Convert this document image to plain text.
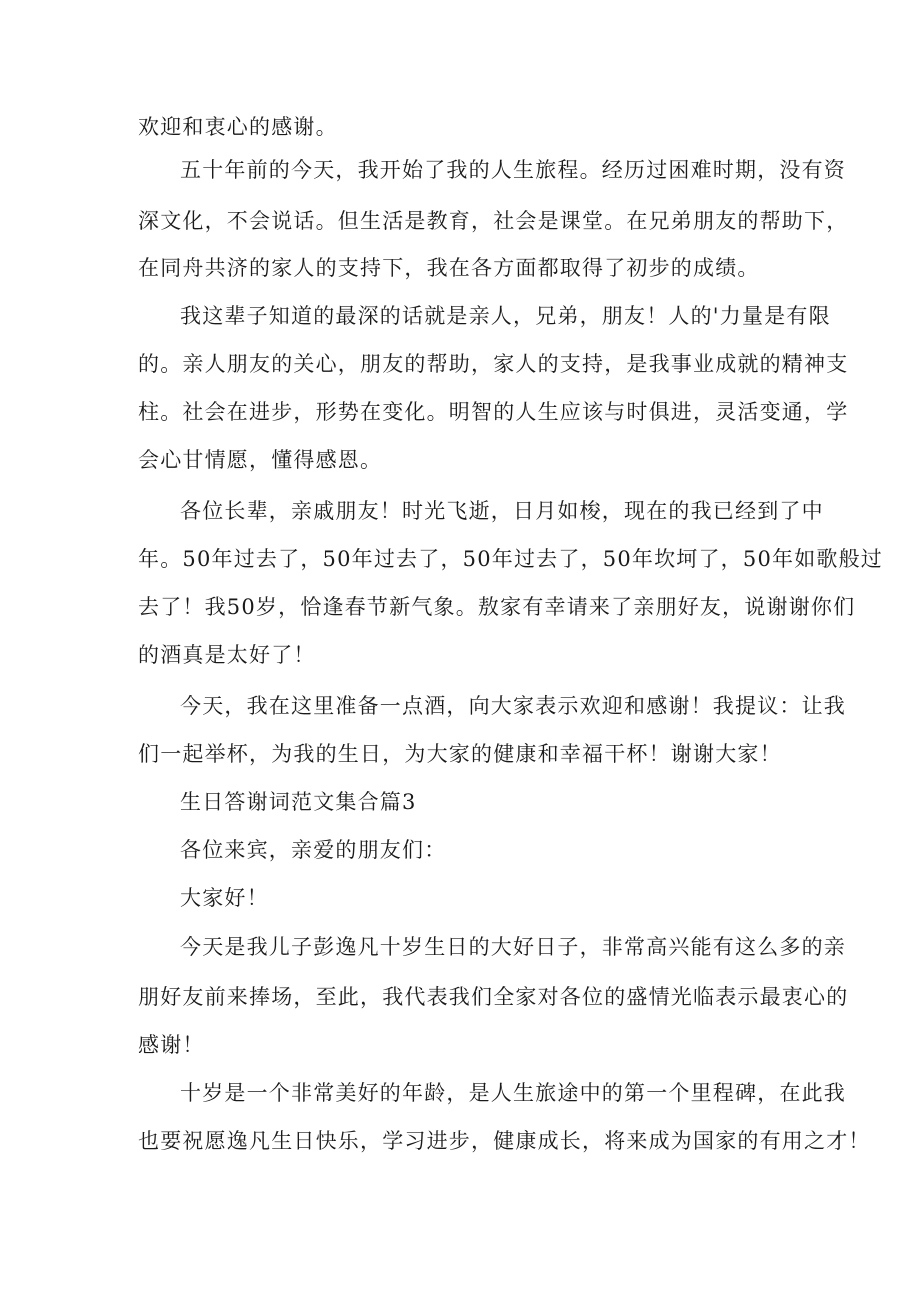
欢迎和衷心的感谢。
五十年前的今天，我开始了我的人生旅程。经历过困难时期，没有资
深文化，不会说话。但生活是教育，社会是课堂。在兄弟朋友的帮助下，
在同舟共济的家人的支持下，我在各方面都取得了初步的成绩。
我这辈子知道的最深的话就是亲人，兄弟，朋友！人的'力量是有限
的。亲人朋友的关心，朋友的帮助，家人的支持，是我事业成就的精神支
柱。社会在进步，形势在变化。明智的人生应该与时俱进，灵活变通，学
会心甘情愿，懂得感恩。
各位长辈，亲戚朋友！时光飞逝，日月如梭，现在的我已经到了中
年。50年过去了，50年过去了，50年过去了，50年坎坷了，50年如歌般过
去了！我50岁，恰逢春节新气象。敖家有幸请来了亲朋好友，说谢谢你们
的酒真是太好了！
今天，我在这里准备一点酒，向大家表示欢迎和感谢！我提议：让我
们一起举杯，为我的生日，为大家的健康和幸福干杯！谢谢大家！
生日答谢词范文集合篇3
各位来宾，亲爱的朋友们：
大家好！
今天是我儿子彭逸凡十岁生日的大好日子，非常高兴能有这么多的亲
朋好友前来捧场，至此，我代表我们全家对各位的盛情光临表示最衷心的
感谢！
十岁是一个非常美好的年龄，是人生旅途中的第一个里程碑，在此我
也要祝愿逸凡生日快乐，学习进步，健康成长，将来成为国家的有用之才！
